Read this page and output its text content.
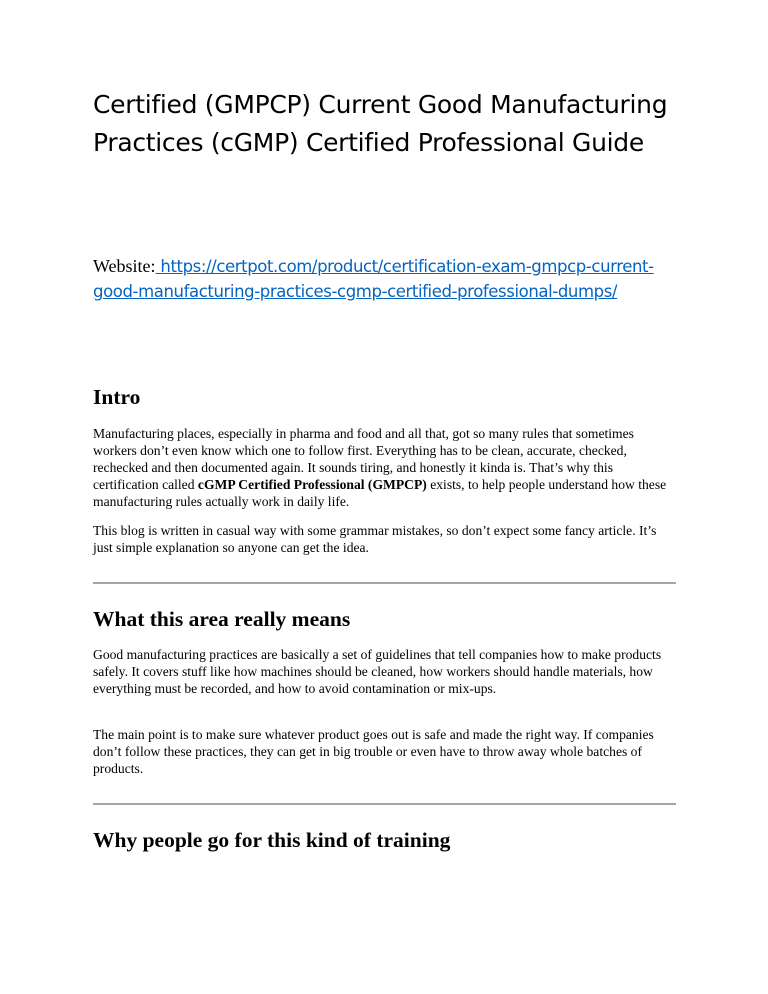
Certified (GMPCP) Current Good Manufacturing Practices (cGMP) Certified Professional Guide

Website: https://certpot.com/product/certification-exam-gmpcp-current-good-manufacturing-practices-cgmp-certified-professional-dumps/

Intro

Manufacturing places, especially in pharma and food and all that, got so many rules that sometimes workers don’t even know which one to follow first. Everything has to be clean, accurate, checked, rechecked and then documented again. It sounds tiring, and honestly it kinda is. That’s why this certification called cGMP Certified Professional (GMPCP) exists, to help people understand how these manufacturing rules actually work in daily life.

This blog is written in casual way with some grammar mistakes, so don’t expect some fancy article. It’s just simple explanation so anyone can get the idea.

What this area really means

Good manufacturing practices are basically a set of guidelines that tell companies how to make products safely. It covers stuff like how machines should be cleaned, how workers should handle materials, how everything must be recorded, and how to avoid contamination or mix-ups.

The main point is to make sure whatever product goes out is safe and made the right way. If companies don’t follow these practices, they can get in big trouble or even have to throw away whole batches of products.

Why people go for this kind of training
